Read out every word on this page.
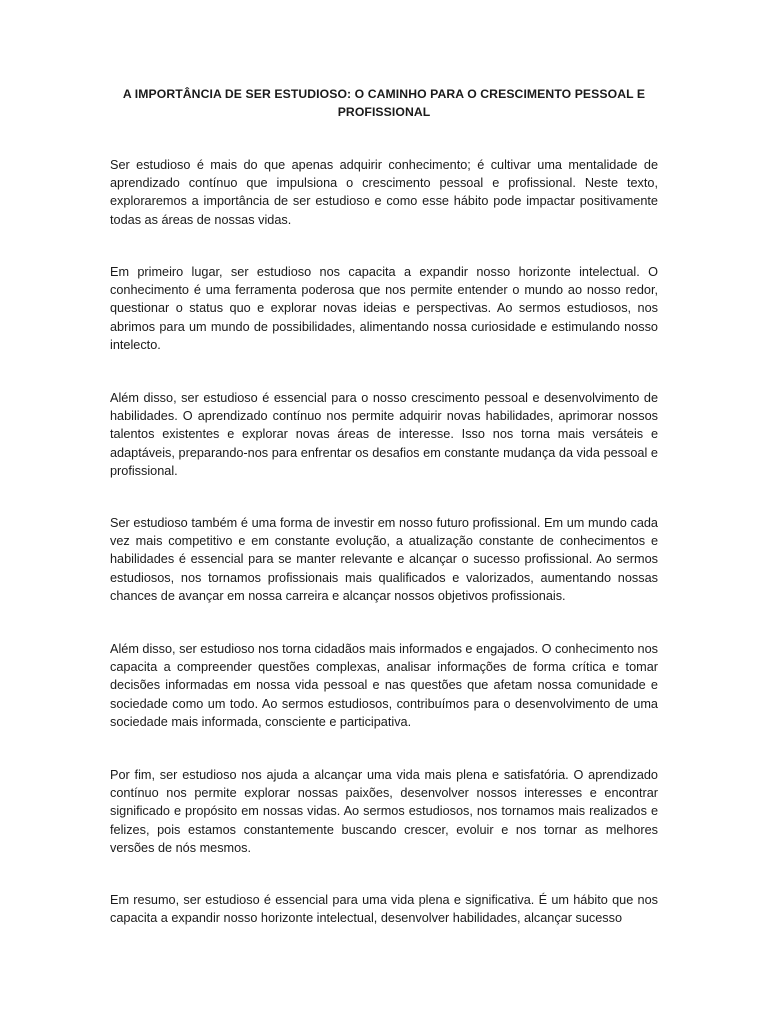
A IMPORTÂNCIA DE SER ESTUDIOSO: O CAMINHO PARA O CRESCIMENTO PESSOAL E PROFISSIONAL

Ser estudioso é mais do que apenas adquirir conhecimento; é cultivar uma mentalidade de aprendizado contínuo que impulsiona o crescimento pessoal e profissional. Neste texto, exploraremos a importância de ser estudioso e como esse hábito pode impactar positivamente todas as áreas de nossas vidas.

Em primeiro lugar, ser estudioso nos capacita a expandir nosso horizonte intelectual. O conhecimento é uma ferramenta poderosa que nos permite entender o mundo ao nosso redor, questionar o status quo e explorar novas ideias e perspectivas. Ao sermos estudiosos, nos abrimos para um mundo de possibilidades, alimentando nossa curiosidade e estimulando nosso intelecto.

Além disso, ser estudioso é essencial para o nosso crescimento pessoal e desenvolvimento de habilidades. O aprendizado contínuo nos permite adquirir novas habilidades, aprimorar nossos talentos existentes e explorar novas áreas de interesse. Isso nos torna mais versáteis e adaptáveis, preparando-nos para enfrentar os desafios em constante mudança da vida pessoal e profissional.

Ser estudioso também é uma forma de investir em nosso futuro profissional. Em um mundo cada vez mais competitivo e em constante evolução, a atualização constante de conhecimentos e habilidades é essencial para se manter relevante e alcançar o sucesso profissional. Ao sermos estudiosos, nos tornamos profissionais mais qualificados e valorizados, aumentando nossas chances de avançar em nossa carreira e alcançar nossos objetivos profissionais.

Além disso, ser estudioso nos torna cidadãos mais informados e engajados. O conhecimento nos capacita a compreender questões complexas, analisar informações de forma crítica e tomar decisões informadas em nossa vida pessoal e nas questões que afetam nossa comunidade e sociedade como um todo. Ao sermos estudiosos, contribuímos para o desenvolvimento de uma sociedade mais informada, consciente e participativa.

Por fim, ser estudioso nos ajuda a alcançar uma vida mais plena e satisfatória. O aprendizado contínuo nos permite explorar nossas paixões, desenvolver nossos interesses e encontrar significado e propósito em nossas vidas. Ao sermos estudiosos, nos tornamos mais realizados e felizes, pois estamos constantemente buscando crescer, evoluir e nos tornar as melhores versões de nós mesmos.

Em resumo, ser estudioso é essencial para uma vida plena e significativa. É um hábito que nos capacita a expandir nosso horizonte intelectual, desenvolver habilidades, alcançar sucesso
